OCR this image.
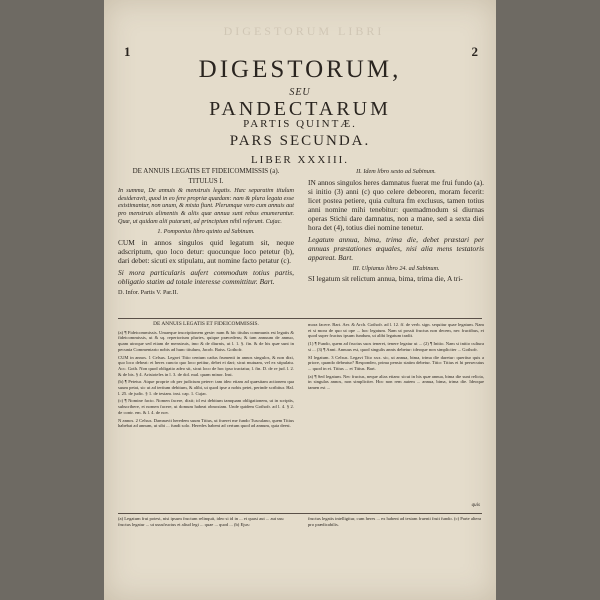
DIGESTORUM LIBRI
1	2
DIGESTORUM,
SEU
PANDECTARUM
PARTIS QUINTÆ.
PARS SECUNDA.
LIBER XXXIII.
DE ANNUIS LEGATIS ET FIDEICOMMISSIS (a).
TITULUS I.

In summa, De annuis & menstruis legatis. Hæc separatim titulum desideravit, quod in eo fere propriæ quædam: nam & plura legata esse existimantur, non unum, & mixta fiunt. Plerumque vero cum annuis aut pro menstruis alimentis & aliis quæ annua sunt rebus enumerantur. Quæ, ut quidam alii putarunt, ad principium nihil referunt. Cujac.

1. Pomponius libro quinto ad Sabinum.

CUM in annos singulos quid legatum sit, neque adscriptum, quo loco detur: quocunque loco petetur (b), dari debet: sicuti ex stipulatu, aut nomine facto petatur (c).

Si mora particularis aufert commodum totius partis, obligatio statim ad totale interesse committitur. Bart.

D. Infor. Partis V. Par.II.

II. Idem libro sexto ad Sabinum.

IN annos singulos heres damnatus fuerat me frui fundo (a). si initio (3) anni (c) quo celere debeoren, moram fecerit: licet postea petiere, quia cultura fm exclusus, tamen totius anni nomine mihi tenebitur: quemadmodum si diurnas operas Stichi dare damnatus, non a mane, sed a sexta diei hora det (4), totius diei nomine tenetur.

Legatum annua, bima, trima die, debet præstari per annuas præstationes æquales, nisi alia mens testatoris appareat. Bart.

III. Ulpianus libro 24. ad Sabinum.

SI legatum sit relictum annua, bima, trima die, A tri-

DE ANNUIS LEGATIS ET FIDEICOMMISSIS.

(a) ¶ Fideicommissis. Umaeque inscriptionem geste: nam & hic titulus communis est legatis & fideicommissis, ut & sq. repertorium pluries, quique præcedens; & tam annuum de annuo, quam utroque sed etiam de menstruis, imo & de diurnis, ut l. 1. §. fin. & de his quæ sunt in pecunia Commentario nobis ad hunc titulum, Jacob. Baiss. Gothofr.

CUM in annos. 1 Celsus. Legavi Titio centum cadus frumenti in annos singulos, & non dixi, quo loco debeat: et heres cuncto quo loco petitur, debet ei dari; sicut mutuam, vel ex stipulatu. Acc. Goth. Non quod obligatio adeo sit, sicut loco de hoc ipso tractatur, l. fin. D. de re jud. l. 2. & de bis. § 4. Aristoteles in l. 3. de dol. mal. quam minor. Inst.

(b) ¶ Petetur. Atque proprie ob per judicium petere: tam ideo etiam ad quæsitam actionem qua suum petat, sic ut ad tertium debitum, & alibi, ut quod ipse a nobis petet, perinde scribitur. Hal. l. 25. de judic. § 1. de testam. inst. cap. 1. Cujac.

(c) ¶ Nomine facto. Nomen facere, dixit; id est debitum tamquam obligationem, ut in scriptis, subscribere, et nomen facere, ut domum habeat obnoxiam. Unde quidem Gothofr. ad l. 4. § 2. de contr. em. & l. 4. de nov.

N annos. 2 Celsus. Damnavit heredem suum Titius, ut fraeret me fundo Tusculano, quem Titius habebat ad annum, ut sibi ... fundi solo. Heredes habent ad certum quod ad annum, quia deest.

mora facere. Bart. Aer. & Arch. Gothofr. ad l. 12. ff. de verb. sign. sequitur quae legatum. Nam et si mora de quo ut ope ... hoc legatum. Nam ut possit fructus non decem, nec fructibus, et quod super fructus ipsum fundum, ut alibi legatum tradit.

(1) ¶ Fundo, quem ad fructus suos teneret, tenere legatur ut ... (2) ¶ Initio. Nam si initio cultura si ... (3) ¶ Anni. Annuus est, quod singulis annis debetur: ideoque non simpliciter ... Gothofr.

SI legatum. 3 Celsus. Legavi Tito xxx. sic, ut annua, bima, trima die daretur: queritur quis a priore, quando debeatur? Respondeo, prima pensio statim debetur. Titio: Titius ei hi persecutus ... quod in ei. Titius ... et Titius. Bart.

(a) ¶ Sed legatum. Nec fructus, neque alias etiam: sicut in his quæ annua, bima die sunt relicta, in singulas annos, non simpliciter. Hoc non rem autem ... annua, bima, trima die. Ideoque tamen est ...

quis
(a) Legatum frui potest, nisi ipsum fructum relinquit, ideo si id in ... et quasi aut ... aut usu fructus legatur ... ut ususfructus et aliud legi ... quae ... quod ... (b) Ejus:
fructus legatis intelligitur, cum heres ... ex habent ad testam fruenti fruit fundo. (c) Parte altera pro prædicabilis.
